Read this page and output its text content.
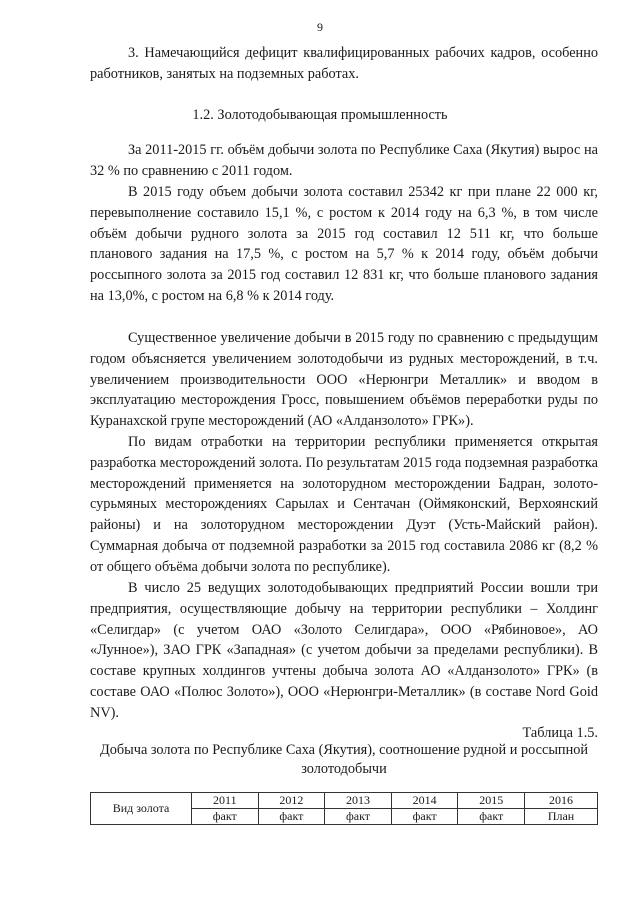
9

3. Намечающийся дефицит квалифицированных рабочих кадров, особенно работников, занятых на подземных работах.

1.2. Золотодобывающая промышленность

За 2011-2015 гг. объём добычи золота по Республике Саха (Якутия) вырос на 32 % по сравнению с 2011 годом.

В 2015 году объем добычи золота составил 25342 кг при плане 22 000 кг, перевыполнение составило 15,1 %, с ростом к 2014 году на 6,3 %, в том числе объём добычи рудного золота за 2015 год составил 12 511 кг, что больше планового задания на 17,5 %, с ростом на 5,7 % к 2014 году, объём добычи россыпного золота за 2015 год составил 12 831 кг, что больше планового задания на 13,0%, с ростом на 6,8 % к 2014 году.

Существенное увеличение добычи в 2015 году по сравнению с предыдущим годом объясняется увеличением золотодобычи из рудных месторождений, в т.ч. увеличением производительности ООО «Нерюнгри Металлик» и вводом в эксплуатацию месторождения Гросс, повышением объёмов переработки руды по Куранахской групе месторождений (АО «Алданзолото» ГРК»).

По видам отработки на территории республики применяется открытая разработка месторождений золота. По результатам 2015 года подземная разработка месторождений применяется на золоторудном месторождении Бадран, золото-сурьмяных месторождениях Сарылах и Сентачан (Оймяконский, Верхоянский районы) и на золоторудном месторождении Дуэт (Усть-Майский район). Суммарная добыча от подземной разработки за 2015 год составила 2086 кг (8,2 % от общего объёма добычи золота по республике).

В число 25 ведущих золотодобывающих предприятий России вошли три предприятия, осуществляющие добычу на территории республики – Холдинг «Селигдар» (с учетом ОАО «Золото Селигдара», ООО «Рябиновое», АО «Лунное»), ЗАО ГРК «Западная» (с учетом добычи за пределами республики). В составе крупных холдингов учтены добыча золота АО «Алданзолото» ГРК» (в составе ОАО «Полюс Золото»), ООО «Нерюнгри-Металлик» (в составе Nord Goid NV).

Таблица 1.5.

Добыча золота по Республике Саха (Якутия), соотношение рудной и россыпной золотодобычи

Вид золота	2011	2012	2013	2014	2015	2016
	факт	факт	факт	факт	факт	План
